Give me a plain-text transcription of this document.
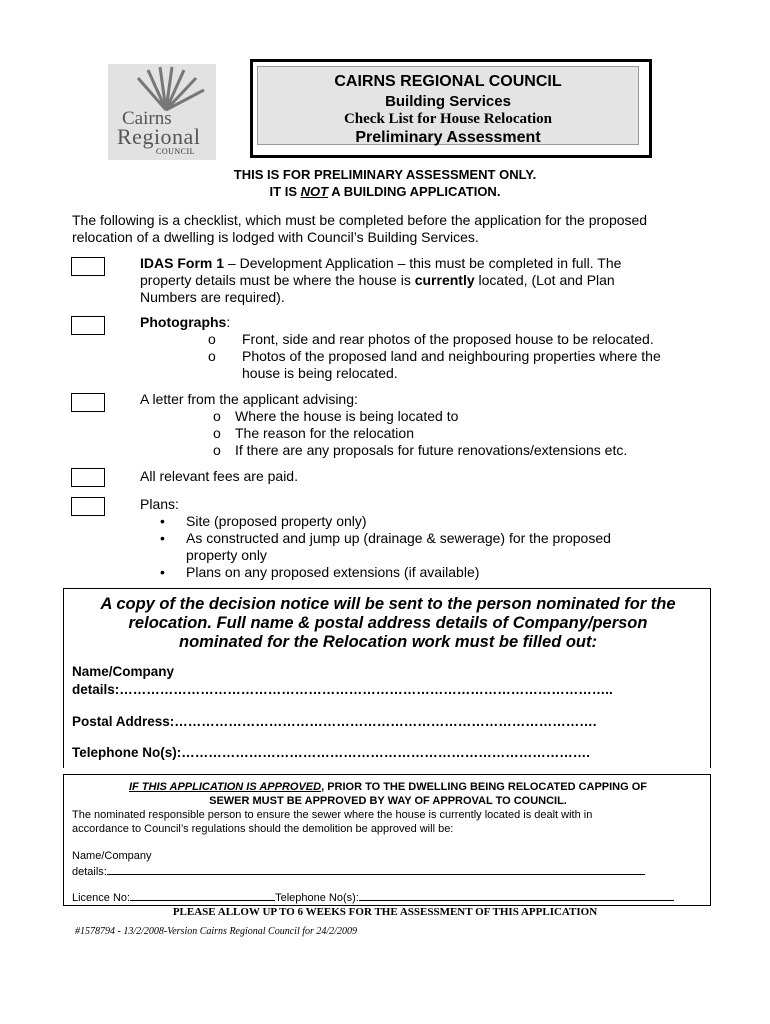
Cairns
Regional
COUNCIL
CAIRNS REGIONAL COUNCIL
Building Services
Check List for House Relocation
Preliminary Assessment
THIS IS FOR PRELIMINARY ASSESSMENT ONLY.
IT IS NOT A BUILDING APPLICATION.
The following is a checklist, which must be completed before the application for the proposed
relocation of a dwelling is lodged with Council’s Building Services.
IDAS Form 1 – Development Application – this must be completed in full. The
property details must be where the house is currently located, (Lot and Plan
Numbers are required).
Photographs:
o Front, side and rear photos of the proposed house to be relocated.
o Photos of the proposed land and neighbouring properties where the
house is being relocated.
A letter from the applicant advising:
o Where the house is being located to
o The reason for the relocation
o If there are any proposals for future renovations/extensions etc.
All relevant fees are paid.
Plans:
• Site (proposed property only)
• As constructed and jump up (drainage & sewerage) for the proposed
property only
• Plans on any proposed extensions (if available)
A copy of the decision notice will be sent to the person nominated for the
relocation. Full name & postal address details of Company/person
nominated for the Relocation work must be filled out:
Name/Company
details:………………………………………………………………………………………………..
Postal Address:………………………………………………………………………………….
Telephone No(s):……………………………………………………………………………….
IF THIS APPLICATION IS APPROVED, PRIOR TO THE DWELLING BEING RELOCATED CAPPING OF
SEWER MUST BE APPROVED BY WAY OF APPROVAL TO COUNCIL.
The nominated responsible person to ensure the sewer where the house is currently located is dealt with in
accordance to Council’s regulations should the demolition be approved will be:
Name/Company
details:
Licence No:	Telephone No(s):
PLEASE ALLOW UP TO 6 WEEKS FOR THE ASSESSMENT OF THIS APPLICATION
#1578794 - 13/2/2008-Version Cairns Regional Council for 24/2/2009
